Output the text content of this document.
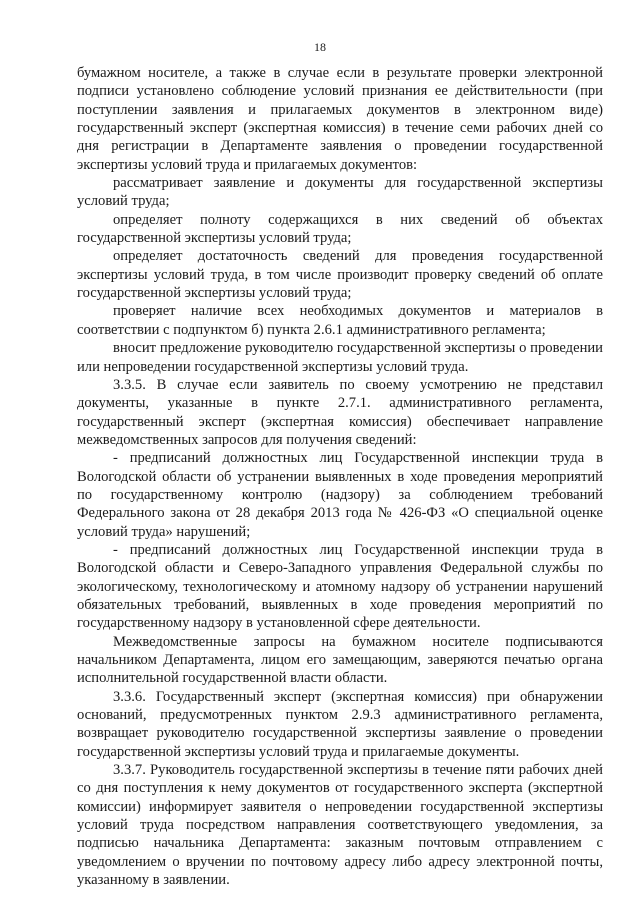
18

бумажном носителе, а также в случае если в результате проверки электронной подписи установлено соблюдение условий признания ее действительности (при поступлении заявления и прилагаемых документов в электронном виде) государственный эксперт (экспертная комиссия) в течение семи рабочих дней со дня регистрации в Департаменте заявления о проведении государственной экспертизы условий труда и прилагаемых документов:

рассматривает заявление и документы для государственной экспертизы условий труда;

определяет полноту содержащихся в них сведений об объектах государственной экспертизы условий труда;

определяет достаточность сведений для проведения государственной экспертизы условий труда, в том числе производит проверку сведений об оплате государственной экспертизы условий труда;

проверяет наличие всех необходимых документов и материалов в соответствии с подпунктом б) пункта 2.6.1 административного регламента;

вносит предложение руководителю государственной экспертизы о проведении или непроведении государственной экспертизы условий труда.

3.3.5. В случае если заявитель по своему усмотрению не представил документы, указанные в пункте 2.7.1. административного регламента, государственный эксперт (экспертная комиссия) обеспечивает направление межведомственных запросов для получения сведений:

- предписаний должностных лиц Государственной инспекции труда в Вологодской области об устранении выявленных в ходе проведения мероприятий по государственному контролю (надзору) за соблюдением требований Федерального закона от 28 декабря 2013 года № 426-ФЗ «О специальной оценке условий труда» нарушений;

- предписаний должностных лиц Государственной инспекции труда в Вологодской области и Северо-Западного управления Федеральной службы по экологическому, технологическому и атомному надзору об устранении нарушений обязательных требований, выявленных в ходе проведения мероприятий по государственному надзору в установленной сфере деятельности.

Межведомственные запросы на бумажном носителе подписываются начальником Департамента, лицом его замещающим, заверяются печатью органа исполнительной государственной власти области.

3.3.6. Государственный эксперт (экспертная комиссия) при обнаружении оснований, предусмотренных пунктом 2.9.3 административного регламента, возвращает руководителю государственной экспертизы заявление о проведении государственной экспертизы условий труда и прилагаемые документы.

3.3.7. Руководитель государственной экспертизы в течение пяти рабочих дней со дня поступления к нему документов от государственного эксперта (экспертной комиссии) информирует заявителя о непроведении государственной экспертизы условий труда посредством направления соответствующего уведомления, за подписью начальника Департамента: заказным почтовым отправлением с уведомлением о вручении по почтовому адресу либо адресу электронной почты, указанному в заявлении.
